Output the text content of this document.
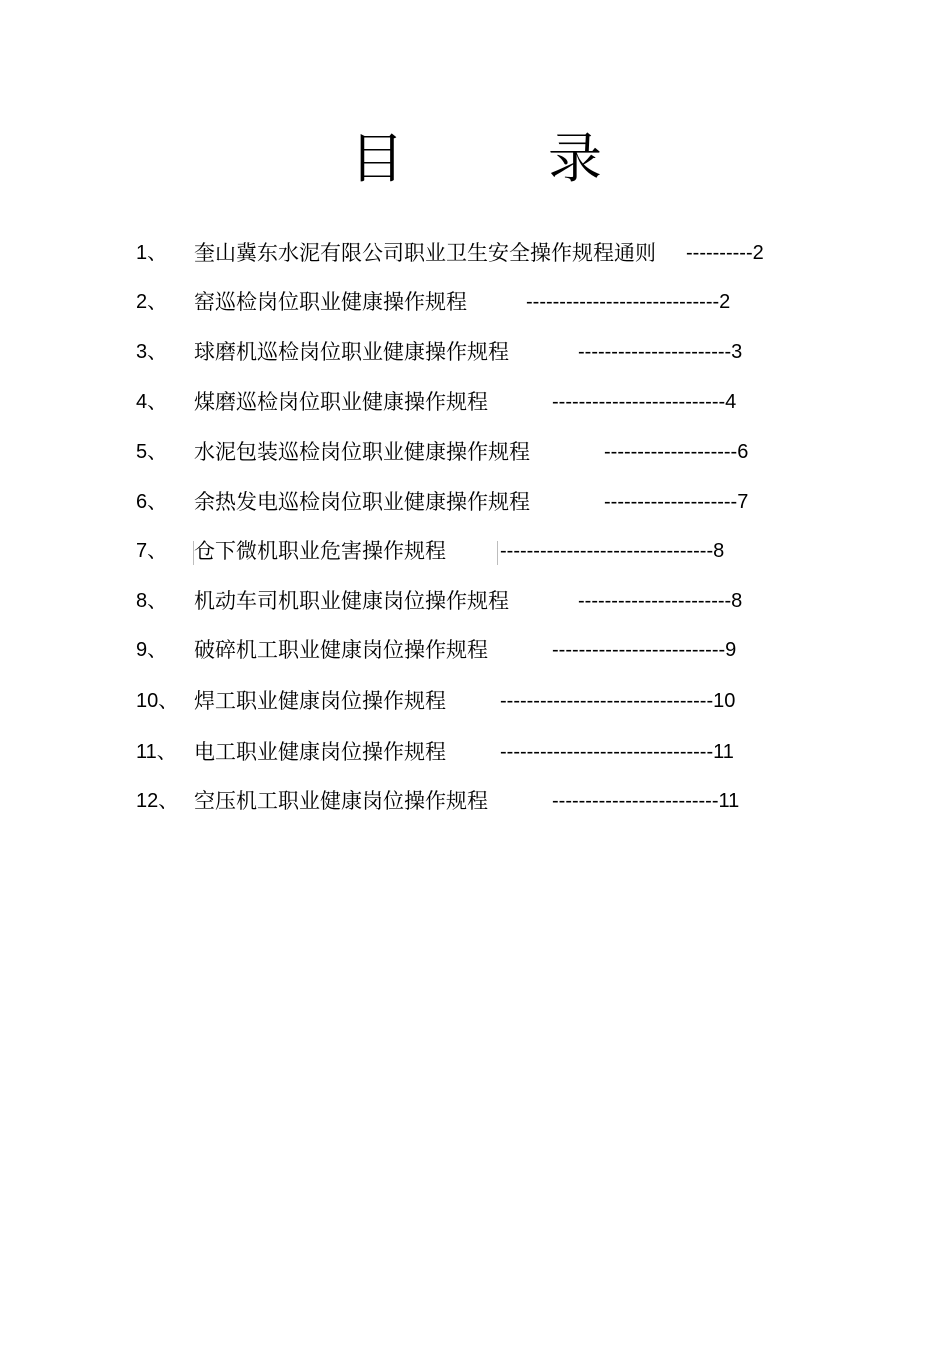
目	录
1、 奎山冀东水泥有限公司职业卫生安全操作规程通则 ----------2
2、 窑巡检岗位职业健康操作规程	-----------------------------2
3、 球磨机巡检岗位职业健康操作规程	-----------------------3
4、 煤磨巡检岗位职业健康操作规程	--------------------------4
5、 水泥包装巡检岗位职业健康操作规程	--------------------6
6、 余热发电巡检岗位职业健康操作规程	--------------------7
7、 仓下微机职业危害操作规程	--------------------------------8
8、 机动车司机职业健康岗位操作规程	-----------------------8
9、 破碎机工职业健康岗位操作规程	--------------------------9
10、 焊工职业健康岗位操作规程	--------------------------------10
11、 电工职业健康岗位操作规程	--------------------------------11
12、 空压机工职业健康岗位操作规程	-------------------------11
